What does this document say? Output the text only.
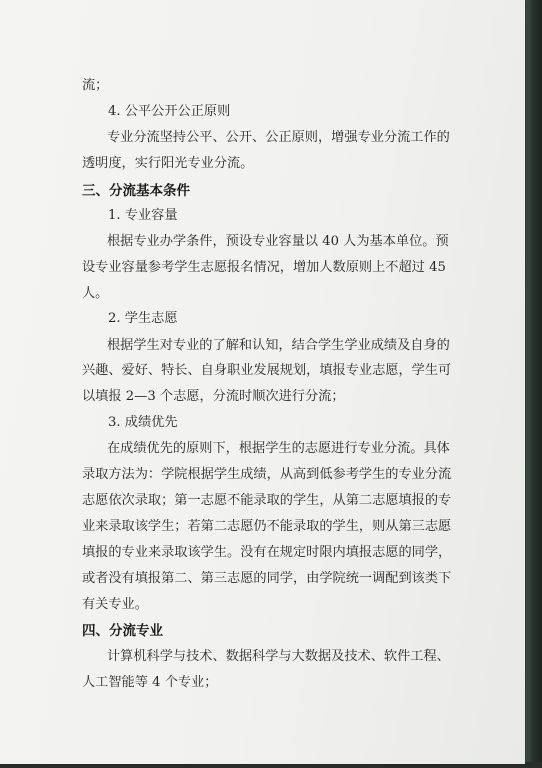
流；

4. 公平公开公正原则

专业分流坚持公平、公开、公正原则，增强专业分流工作的

透明度，实行阳光专业分流。

三、分流基本条件

1. 专业容量

根据专业办学条件，预设专业容量以 40 人为基本单位。预

设专业容量参考学生志愿报名情况，增加人数原则上不超过 45

人。

2. 学生志愿

根据学生对专业的了解和认知，结合学生学业成绩及自身的

兴趣、爱好、特长、自身职业发展规划，填报专业志愿，学生可

以填报 2—3 个志愿，分流时顺次进行分流；

3. 成绩优先

在成绩优先的原则下，根据学生的志愿进行专业分流。具体

录取方法为：学院根据学生成绩，从高到低参考学生的专业分流

志愿依次录取；第一志愿不能录取的学生，从第二志愿填报的专

业来录取该学生；若第二志愿仍不能录取的学生，则从第三志愿

填报的专业来录取该学生。没有在规定时限内填报志愿的同学，

或者没有填报第二、第三志愿的同学，由学院统一调配到该类下

有关专业。

四、分流专业

计算机科学与技术、数据科学与大数据及技术、软件工程、

人工智能等 4 个专业；
